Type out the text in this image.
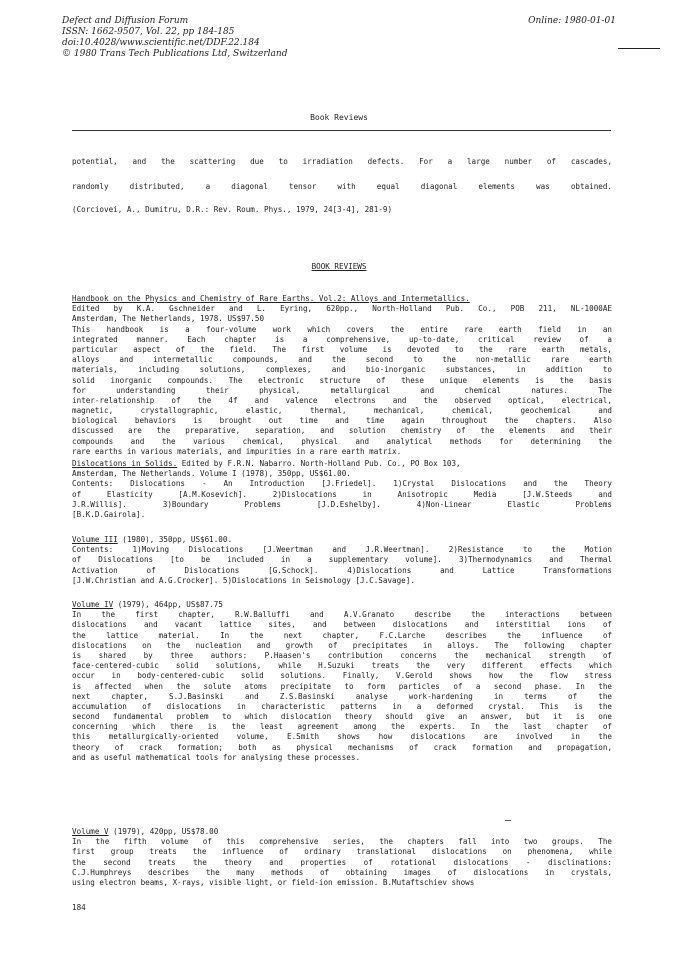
Defect and Diffusion Forum
ISSN: 1662-9507, Vol. 22, pp 184-185
doi:10.4028/www.scientific.net/DDF.22.184
© 1980 Trans Tech Publications Ltd, Switzerland
Online: 1980-01-01
Book Reviews
potential, and the scattering due to irradiation defects. For a large number of cascades,
randomly distributed, a diagonal tensor with equal diagonal elements was obtained.
(Corciovei, A., Dumitru, D.R.: Rev. Roum. Phys., 1979, 24[3-4], 281-9)
BOOK REVIEWS
Handbook on the Physics and Chemistry of Rare Earths. Vol.2: Alloys and Intermetallics.
Edited by K.A. Gschneider and L. Eyring, 620pp., North-Holland Pub. Co., POB 211, NL-1000AE
Amsterdam, The Netherlands, 1978. US$97.50
This handbook is a four-volume work which covers the entire rare earth field in an
integrated manner. Each chapter is a comprehensive, up-to-date, critical review of a
particular aspect of the field. The first volume is devoted to the rare earth metals,
alloys and intermetallic compounds, and the second to the non-metallic rare earth
materials, including solutions, complexes, and bio-inorganic substances, in addition to
solid inorganic compounds. The electronic structure of these unique elements is the basis
for understanding their physical, metallurgical and chemical natures. The
inter-relationship of the 4f and valence electrons and the observed optical, electrical,
magnetic, crystallographic, elastic, thermal, mechanical, chemical, geochemical and
biological behaviors is brought out time and time again throughout the chapters. Also
discussed are the preparative, separation, and solution chemistry of the elements and their
compounds and the various chemical, physical and analytical methods for determining the
rare earths in various materials, and impurities in a rare earth matrix.
Dislocations in Solids. Edited by F.R.N. Nabarro. North-Holland Pub. Co., PO Box 103,
Amsterdam, The Netherlands. Volume I (1978), 350pp, US$61.00.
Contents: Dislocations - An Introduction [J.Friedel]. 1)Crystal Dislocations and the Theory
of Elasticity [A.M.Kosevich]. 2)Dislocations in Anisotropic Media [J.W.Steeds and
J.R.Willis]. 3)Boundary Problems [J.D.Eshelby]. 4)Non-Linear Elastic Problems
[B.K.D.Gairola].
Volume III (1980), 350pp, US$61.00.
Contents: 1)Moving Dislocations [J.Weertman and J.R.Weertman]. 2)Resistance to the Motion
of Dislocations [to be included in a supplementary volume]. 3)Thermodynamics and Thermal
Activation of Dislocations [G.Schock]. 4)Dislocations and Lattice Transformations
[J.W.Christian and A.G.Crocker]. 5)Dislocations in Seismology [J.C.Savage].
Volume IV (1979), 464pp, US$87.75
In the first chapter, R.W.Balluffi and A.V.Granato describe the interactions between
dislocations and vacant lattice sites, and between dislocations and interstitial ions of
the lattice material. In the next chapter, F.C.Larche describes the influence of
dislocations on the nucleation and growth of precipitates in alloys. The following chapter
is shared by three authors: P.Haasen's contribution concerns the mechanical strength of
face-centered-cubic solid solutions, while H.Suzuki treats the very different effects which
occur in body-centered-cubic solid solutions. Finally, V.Gerold shows how the flow stress
is affected when the solute atoms precipitate to form particles of a second phase. In the
next chapter, S.J.Basinski and Z.S.Basinski analyse work-hardening in terms of the
accumulation of dislocations in characteristic patterns in a deformed crystal. This is the
second fundamental problem to which dislocation theory should give an answer, but it is one
concerning which there is the least agreement among the experts. In the last chapter of
this metallurgically-oriented volume, E.Smith shows how dislocations are involved in the
theory of crack formation; both as physical mechanisms of crack formation and propagation,
and as useful mathematical tools for analysing these processes.
Volume V (1979), 420pp, US$78.00
In the fifth volume of this comprehensive series, the chapters fall into two groups. The
first group treats the influence of ordinary translational dislocations on phenomena, while
the second treats the theory and properties of rotational dislocations - disclinations:
C.J.Humphreys describes the many methods of obtaining images of dislocations in crystals,
using electron beams, X-rays, visible light, or field-ion emission. B.Mutaftschiev shows
184
